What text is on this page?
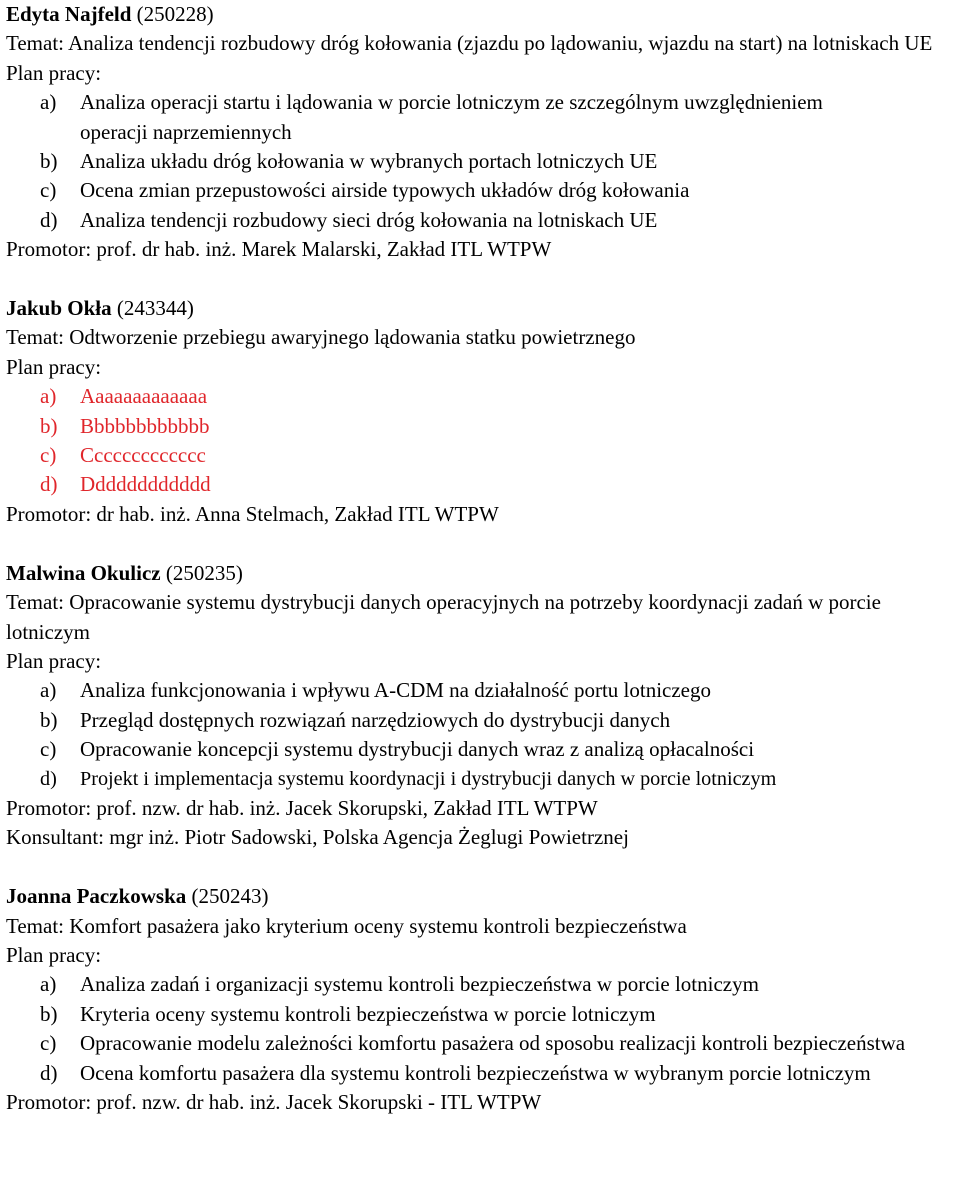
Edyta Najfeld (250228)
Temat: Analiza tendencji rozbudowy dróg kołowania (zjazdu po lądowaniu, wjazdu na start) na lotniskach UE
Plan pracy:
a) Analiza operacji startu i lądowania w porcie lotniczym ze szczególnym uwzględnieniem operacji naprzemiennych
b) Analiza układu dróg kołowania w wybranych portach lotniczych UE
c) Ocena zmian przepustowości airside typowych układów dróg kołowania
d) Analiza tendencji rozbudowy sieci dróg kołowania na lotniskach UE
Promotor: prof. dr hab. inż. Marek Malarski, Zakład ITL WTPW
Jakub Okła (243344)
Temat: Odtworzenie przebiegu awaryjnego lądowania statku powietrznego
Plan pracy:
a) Aaaaaaaaaaaaa
b) Bbbbbbbbbbbb
c) Ccccccccccccc
d) Dddddddddddd
Promotor: dr hab. inż. Anna Stelmach, Zakład ITL WTPW
Malwina Okulicz (250235)
Temat: Opracowanie systemu dystrybucji danych operacyjnych na potrzeby koordynacji zadań w porcie lotniczym
Plan pracy:
a) Analiza funkcjonowania i wpływu A-CDM na działalność portu lotniczego
b) Przegląd dostępnych rozwiązań narzędziowych do dystrybucji danych
c) Opracowanie koncepcji systemu dystrybucji danych wraz z analizą opłacalności
d) Projekt i implementacja systemu koordynacji i dystrybucji danych w porcie lotniczym
Promotor: prof. nzw. dr hab. inż. Jacek Skorupski, Zakład ITL WTPW
Konsultant: mgr inż. Piotr Sadowski, Polska Agencja Żeglugi Powietrznej
Joanna Paczkowska (250243)
Temat: Komfort pasażera jako kryterium oceny systemu kontroli bezpieczeństwa
Plan pracy:
a) Analiza zadań i organizacji systemu kontroli bezpieczeństwa w porcie lotniczym
b) Kryteria oceny systemu kontroli bezpieczeństwa w porcie lotniczym
c) Opracowanie modelu zależności komfortu pasażera od sposobu realizacji kontroli bezpieczeństwa
d) Ocena komfortu pasażera dla systemu kontroli bezpieczeństwa w wybranym porcie lotniczym
Promotor: prof. nzw. dr hab. inż. Jacek Skorupski - ITL WTPW
